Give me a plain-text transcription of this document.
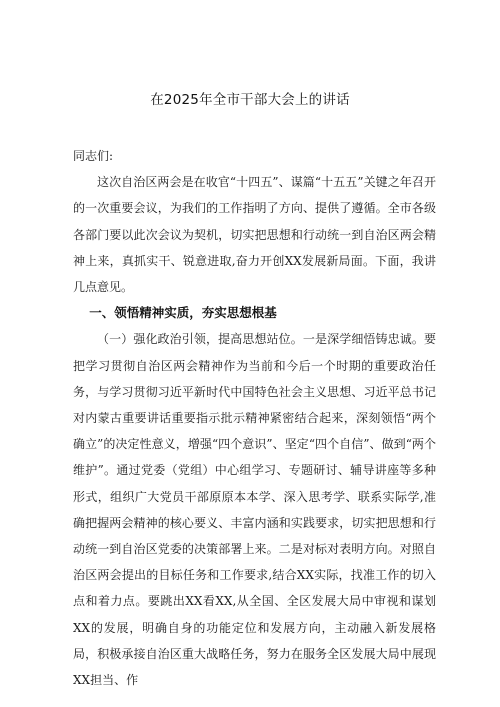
在2025年全市干部大会上的讲话

同志们:

这次自治区两会是在收官“十四五”、谋篇“十五五”关键之年召开的一次重要会议，为我们的工作指明了方向、提供了遵循。全市各级各部门要以此次会议为契机，切实把思想和行动统一到自治区两会精神上来，真抓实干、锐意进取,奋力开创XX发展新局面。下面，我讲几点意见。

一、领悟精神实质，夯实思想根基

（一）强化政治引领，提高思想站位。一是深学细悟铸忠诚。要把学习贯彻自治区两会精神作为当前和今后一个时期的重要政治任务，与学习贯彻习近平新时代中国特色社会主义思想、习近平总书记对内蒙古重要讲话重要指示批示精神紧密结合起来，深刻领悟“两个确立”的决定性意义，增强“四个意识”、坚定“四个自信”、做到“两个维护”。通过党委（党组）中心组学习、专题研讨、辅导讲座等多种形式，组织广大党员干部原原本本学、深入思考学、联系实际学,准确把握两会精神的核心要义、丰富内涵和实践要求，切实把思想和行动统一到自治区党委的决策部署上来。二是对标对表明方向。对照自治区两会提出的目标任务和工作要求,结合XX实际，找准工作的切入点和着力点。要跳出XX看XX,从全国、全区发展大局中审视和谋划XX的发展，明确自身的功能定位和发展方向，主动融入新发展格局，积极承接自治区重大战略任务，努力在服务全区发展大局中展现XX担当、作
